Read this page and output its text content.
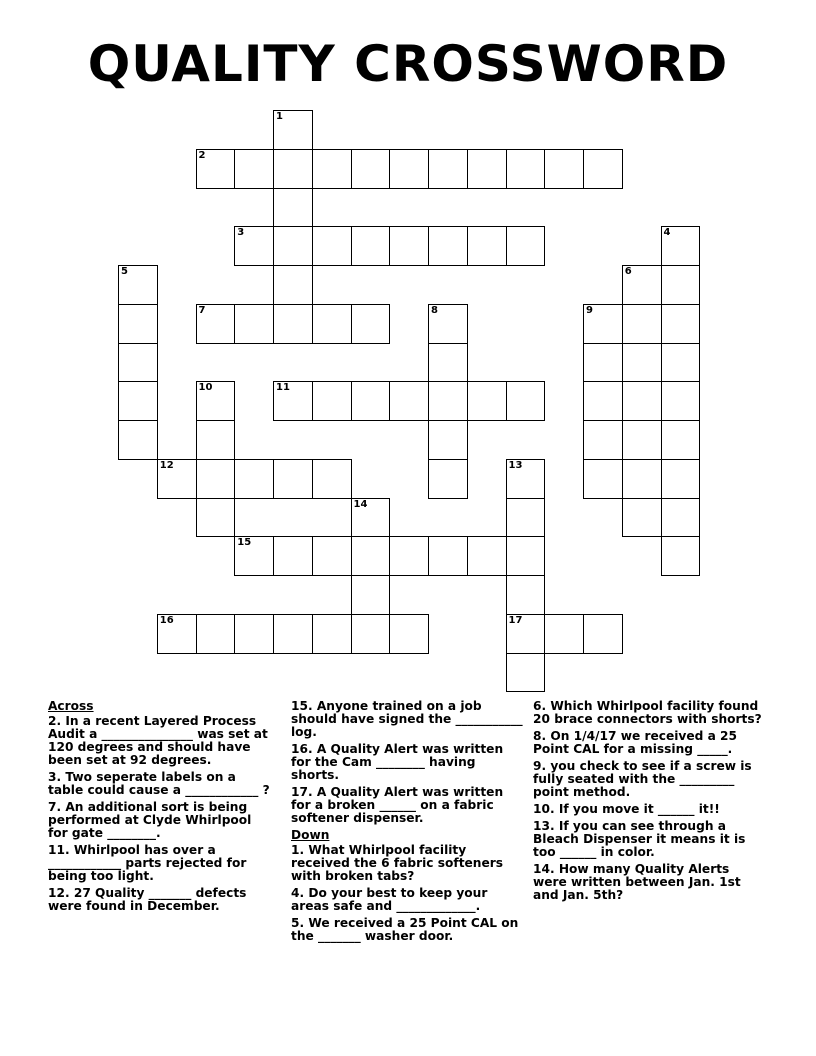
QUALITY CROSSWORD
1
2
3	4
5	6
7	8	9
10	11
12	13
17
14
15
16
Across
2. In a recent Layered Process Audit a _______________ was set at 120 degrees and should have been set at 92 degrees.
3. Two seperate labels on a table could cause a ____________ ?
7. An additional sort is being performed at Clyde Whirlpool for gate ________.
11. Whirlpool has over a ____________ parts rejected for being too light.
12. 27 Quality _______ defects were found in December.
15. Anyone trained on a job should have signed the ___________ log.
16. A Quality Alert was written for the Cam ________ having shorts.
17. A Quality Alert was written for a broken ______ on a fabric softener dispenser.
Down
1. What Whirlpool facility received the 6 fabric softeners with broken tabs?
4. Do your best to keep your areas safe and _____________.
5. We received a 25 Point CAL on the _______ washer door.
6. Which Whirlpool facility found 20 brace connectors with shorts?
8. On 1/4/17 we received a 25 Point CAL for a missing _____.
9. you check to see if a screw is fully seated with the _________ point method.
10. If you move it ______ it!!
13. If you can see through a Bleach Dispenser it means it is too ______ in color.
14. How many Quality Alerts were written between Jan. 1st and Jan. 5th?
